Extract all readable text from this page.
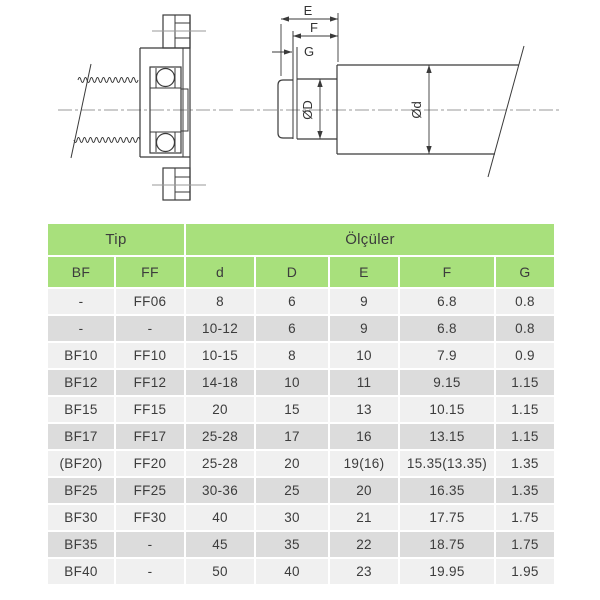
E
F
G
ØD	Ød
Tip		Ölçüler				
BF	FF	d	D	E	F	G
-	FF06	8	6	9	6.8	0.8
-	-	10-12	6	9	6.8	0.8
BF10	FF10	10-15	8	10	7.9	0.9
BF12	FF12	14-18	10	11	9.15	1.15
BF15	FF15	20	15	13	10.15	1.15
BF17	FF17	25-28	17	16	13.15	1.15
(BF20)	FF20	25-28	20	19(16)	15.35(13.35)	1.35
BF25	FF25	30-36	25	20	16.35	1.35
BF30	FF30	40	30	21	17.75	1.75
BF35	-	45	35	22	18.75	1.75
BF40	-	50	40	23	19.95	1.95
